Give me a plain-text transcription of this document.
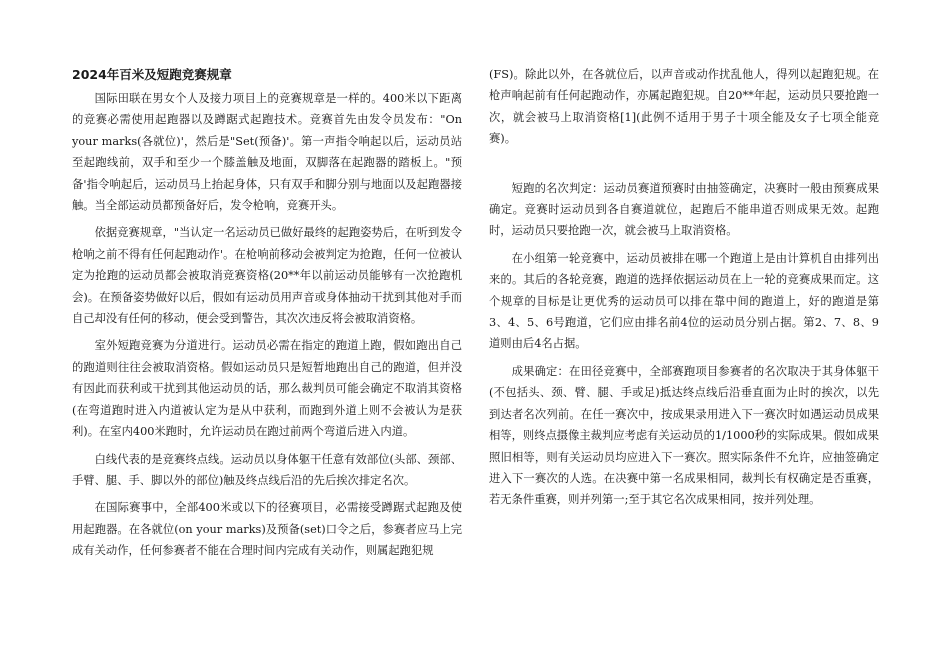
2024年百米及短跑竞赛规章

国际田联在男女个人及接力项目上的竞赛规章是一样的。400米以下距离的竞赛必需使用起跑器以及蹲踞式起跑技术。竞赛首先由发令员发布："On your marks(各就位)'，然后是"Set(预备)'。第一声指令响起以后，运动员站至起跑线前，双手和至少一个膝盖触及地面，双脚落在起跑器的踏板上。"预备'指令响起后，运动员马上抬起身体，只有双手和脚分别与地面以及起跑器接触。当全部运动员都预备好后，发令枪响，竞赛开头。

依据竞赛规章，"当认定一名运动员已做好最终的起跑姿势后，在听到发令枪响之前不得有任何起跑动作'。在枪响前移动会被判定为抢跑，任何一位被认定为抢跑的运动员都会被取消竞赛资格(20**年以前运动员能够有一次抢跑机会)。在预备姿势做好以后，假如有运动员用声音或身体抽动干扰到其他对手而自己却没有任何的移动，便会受到警告，其次次违反将会被取消资格。

室外短跑竞赛为分道进行。运动员必需在指定的跑道上跑，假如跑出自己的跑道则往往会被取消资格。假如运动员只是短暂地跑出自己的跑道，但并没有因此而获利或干扰到其他运动员的话，那么裁判员可能会确定不取消其资格(在弯道跑时进入内道被认定为是从中获利，而跑到外道上则不会被认为是获利)。在室内400米跑时，允许运动员在跑过前两个弯道后进入内道。

白线代表的是竞赛终点线。运动员以身体躯干任意有效部位(头部、颈部、手臂、腿、手、脚以外的部位)触及终点线后沿的先后挨次排定名次。

在国际赛事中，全部400米或以下的径赛项目，必需接受蹲踞式起跑及使用起跑器。在各就位(on your marks)及预备(set)口令之后，参赛者应马上完成有关动作，任何参赛者不能在合理时间内完成有关动作，则属起跑犯规

(FS)。除此以外，在各就位后，以声音或动作扰乱他人，得列以起跑犯规。在枪声响起前有任何起跑动作，亦属起跑犯规。自20**年起，运动员只要抢跑一次，就会被马上取消资格[1](此例不适用于男子十项全能及女子七项全能竞赛)。

短跑的名次判定：运动员赛道预赛时由抽签确定，决赛时一般由预赛成果确定。竞赛时运动员到各自赛道就位，起跑后不能串道否则成果无效。起跑时，运动员只要抢跑一次，就会被马上取消资格。

在小组第一轮竞赛中，运动员被排在哪一个跑道上是由计算机自由排列出来的。其后的各轮竞赛，跑道的选择依据运动员在上一轮的竞赛成果而定。这个规章的目标是让更优秀的运动员可以排在靠中间的跑道上，好的跑道是第3、4、5、6号跑道，它们应由排名前4位的运动员分别占据。第2、7、8、9道则由后4名占据。

成果确定：在田径竞赛中，全部赛跑项目参赛者的名次取决于其身体躯干(不包括头、颈、臂、腿、手或足)抵达终点线后沿垂直面为止时的挨次，以先到达者名次列前。在任一赛次中，按成果录用进入下一赛次时如遇运动员成果相等，则终点摄像主裁判应考虑有关运动员的1/1000秒的实际成果。假如成果照旧相等，则有关运动员均应进入下一赛次。照实际条件不允许，应抽签确定进入下一赛次的人选。在决赛中第一名成果相同，裁判长有权确定是否重赛，若无条件重赛，则并列第一;至于其它名次成果相同，按并列处理。
